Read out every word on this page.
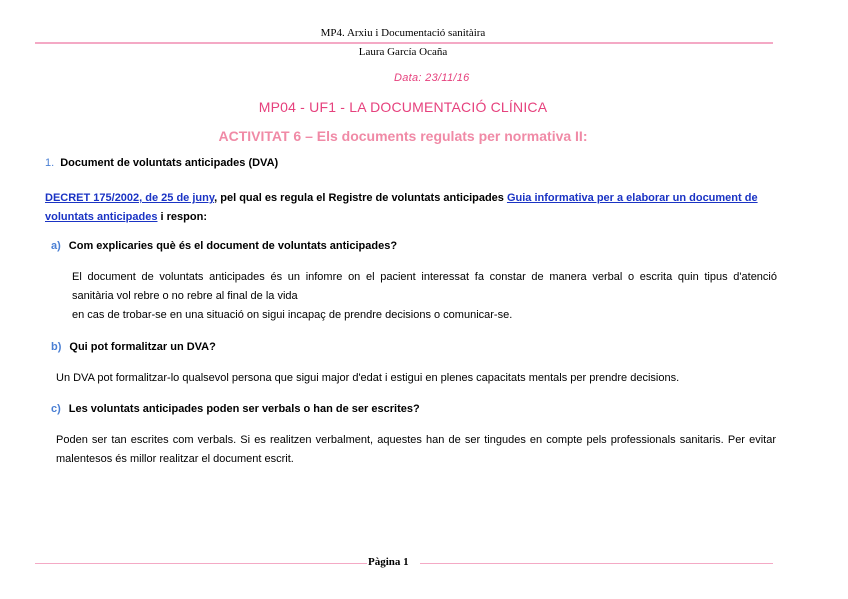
MP4. Arxiu i Documentació sanitàira
Laura García Ocaña
Data: 23/11/16
MP04 - UF1 - LA DOCUMENTACIÓ CLÍNICA
ACTIVITAT 6 – Els documents regulats per normativa II:
1. Document de voluntats anticipades (DVA)
DECRET 175/2002, de 25 de juny, pel qual es regula el Registre de voluntats anticipades Guia informativa per a elaborar un document de voluntats anticipades i respon:
a) Com explicaries què és el document de voluntats anticipades?
El document de voluntats anticipades és un infomre on el pacient interessat fa constar de manera verbal o escrita quin tipus d'atenció
sanitària vol rebre o no rebre al final de la vida
en cas de trobar-se en una situació on sigui incapaç de prendre decisions o comunicar-se.
b) Qui pot formalitzar un DVA?
Un DVA pot formalitzar-lo qualsevol persona que sigui major d'edat i estigui en plenes capacitats mentals per prendre decisions.
c) Les voluntats anticipades poden ser verbals o han de ser escrites?
Poden ser tan escrites com verbals. Si es realitzen verbalment, aquestes han de ser tingudes en compte pels professionals sanitaris. Per evitar
malentesos és millor realitzar el document escrit.
Pàgina 1
